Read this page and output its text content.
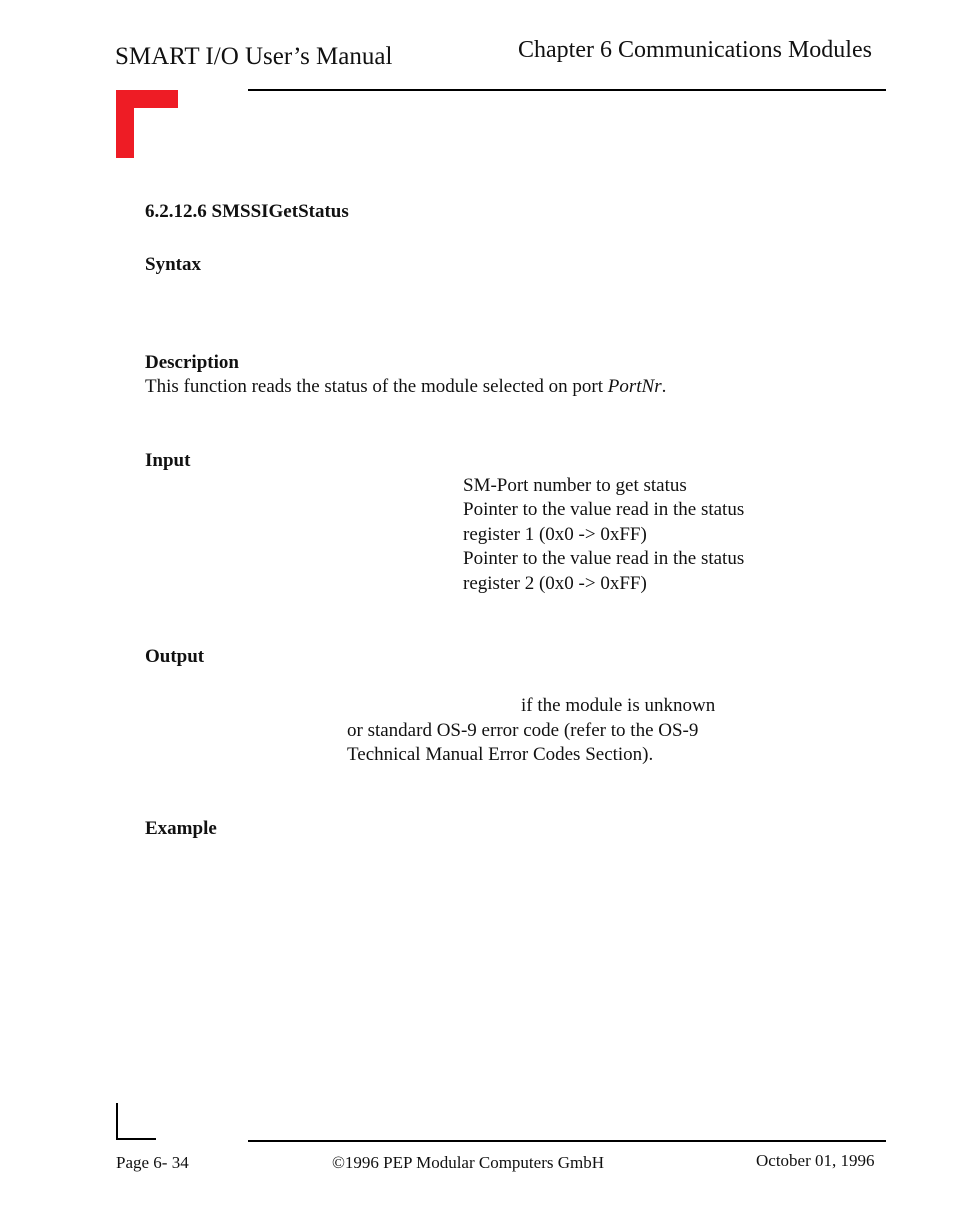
SMART I/O User’s Manual	Chapter 6 Communications Modules
6.2.12.6 SMSSIGetStatus
Syntax
Description
This function reads the status of the module selected on port PortNr.
Input
SM-Port number to get status
Pointer to the value read in the status
register 1 (0x0 -> 0xFF)
Pointer to the value read in the status
register 2 (0x0 -> 0xFF)
Output
if the module is unknown
or standard OS-9 error code (refer to the OS-9
Technical Manual Error Codes Section).
Example
Page 6- 34	©1996 PEP Modular Computers GmbH	October 01, 1996
